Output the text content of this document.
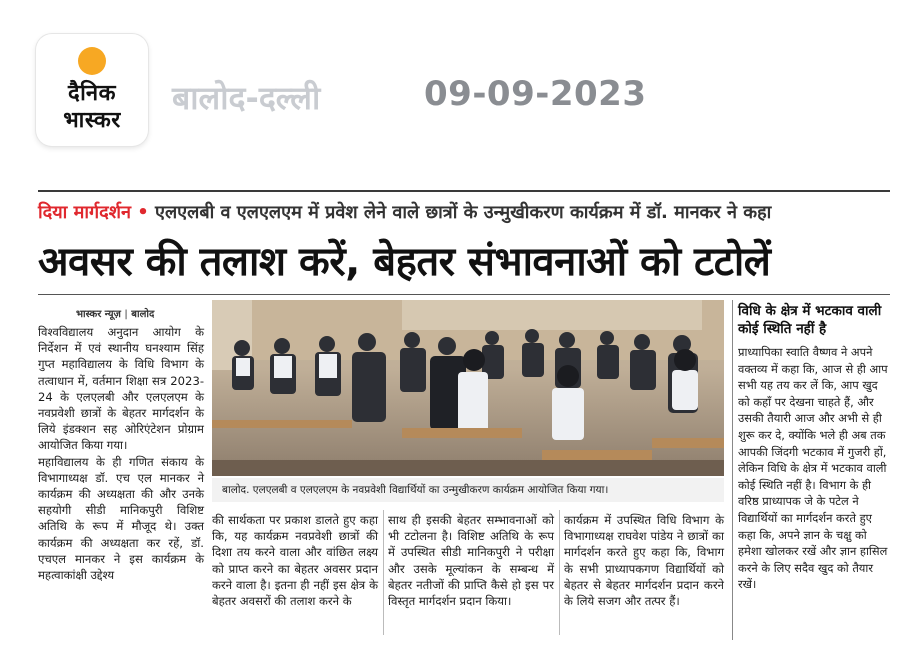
दैनिक
भास्कर
बालोद-दल्ली	09-09-2023
दिया मार्गदर्शन • एलएलबी व एलएलएम में प्रवेश लेने वाले छात्रों के उन्मुखीकरण कार्यक्रम में डॉ. मानकर ने कहा
अवसर की तलाश करें, बेहतर संभावनाओं को टटोलें
भास्कर न्यूज़ | बालोद

विश्वविद्यालय अनुदान आयोग के निर्देशन में एवं स्थानीय घनश्याम सिंह गुप्त महाविद्यालय के विधि विभाग के तत्वाधान में, वर्तमान शिक्षा सत्र 2023-24 के एलएलबी और एलएलएम के नवप्रवेशी छात्रों के बेहतर मार्गदर्शन के लिये इंडक्शन सह ओरिएंटेशन प्रोग्राम आयोजित किया गया।

महाविद्यालय के ही गणित संकाय के विभागाध्यक्ष डॉ. एच एल मानकर ने कार्यक्रम की अध्यक्षता की और उनके सहयोगी सीडी मानिकपुरी विशिष्ट अतिथि के रूप में मौजूद थे। उक्त कार्यक्रम की अध्यक्षता कर रहें, डॉ. एचएल मानकर ने इस कार्यक्रम के महत्वाकांक्षी उद्देश्य

बालोद. एलएलबी व एलएलएम के नवप्रवेशी विद्यार्थियों का उन्मुखीकरण कार्यक्रम आयोजित किया गया।
की सार्थकता पर प्रकाश डालते हुए कहा कि, यह कार्यक्रम नवप्रवेशी छात्रों की दिशा तय करने वाला और वांछित लक्ष्य को प्राप्त करने का बेहतर अवसर प्रदान करने वाला है। इतना ही नहीं इस क्षेत्र के बेहतर अवसरों की तलाश करने के
साथ ही इसकी बेहतर सम्भावनाओं को भी टटोलना है। विशिष्ट अतिथि के रूप में उपस्थित सीडी मानिकपुरी ने परीक्षा और उसके मूल्यांकन के सम्बन्ध में बेहतर नतीजों की प्राप्ति कैसे हो इस पर विस्तृत मार्गदर्शन प्रदान किया।
कार्यक्रम में उपस्थित विधि विभाग के विभागाध्यक्ष राघवेश पांडेय ने छात्रों का मार्गदर्शन करते हुए कहा कि, विभाग के सभी प्राध्यापकगण विद्यार्थियों को बेहतर से बेहतर मार्गदर्शन प्रदान करने के लिये सजग और तत्पर हैं।
विधि के क्षेत्र में भटकाव वाली कोई स्थिति नहीं है
प्राध्यापिका स्वाति वैष्णव ने अपने वक्तव्य में कहा कि, आज से ही आप सभी यह तय कर लें कि, आप खुद को कहाँ पर देखना चाहते हैं, और उसकी तैयारी आज और अभी से ही शुरू कर दे, क्योंकि भले ही अब तक आपकी जिंदगी भटकाव में गुजरी हों, लेकिन विधि के क्षेत्र में भटकाव वाली कोई स्थिति नहीं है। विभाग के ही वरिष्ठ प्राध्यापक जे के पटेल ने विद्यार्थियों का मार्गदर्शन करते हुए कहा कि, अपने ज्ञान के चक्षु को हमेशा खोलकर रखें और ज्ञान हासिल करने के लिए सदैव खुद को तैयार रखें।
